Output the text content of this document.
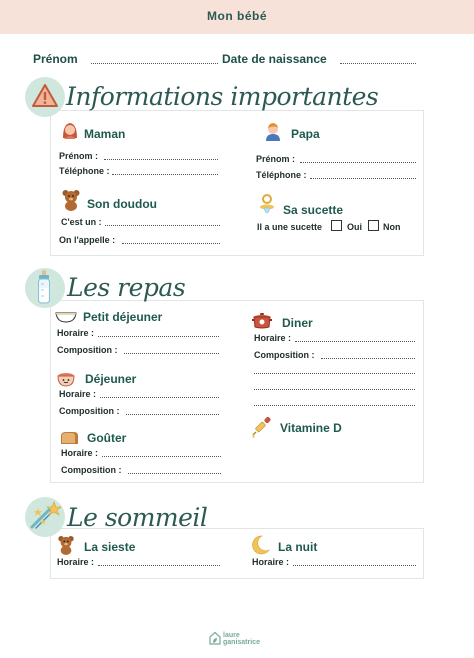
Mon bébé
Prénom	Date de naissance
Informations importantes
Maman
Prénom :
Téléphone :
Papa
Prénom :
Téléphone :
Son doudou
C'est un :
On l'appelle :
Sa sucette
Il a une sucette	Oui Non
Les repas
Petit déjeuner
Horaire :
Composition :
Déjeuner
Horaire :
Composition :
Goûter
Horaire :
Composition :
Diner
Horaire :
Composition :
Vitamine D
Le sommeil
La sieste
Horaire :
La nuit
Horaire :
laure
ganisatrice
